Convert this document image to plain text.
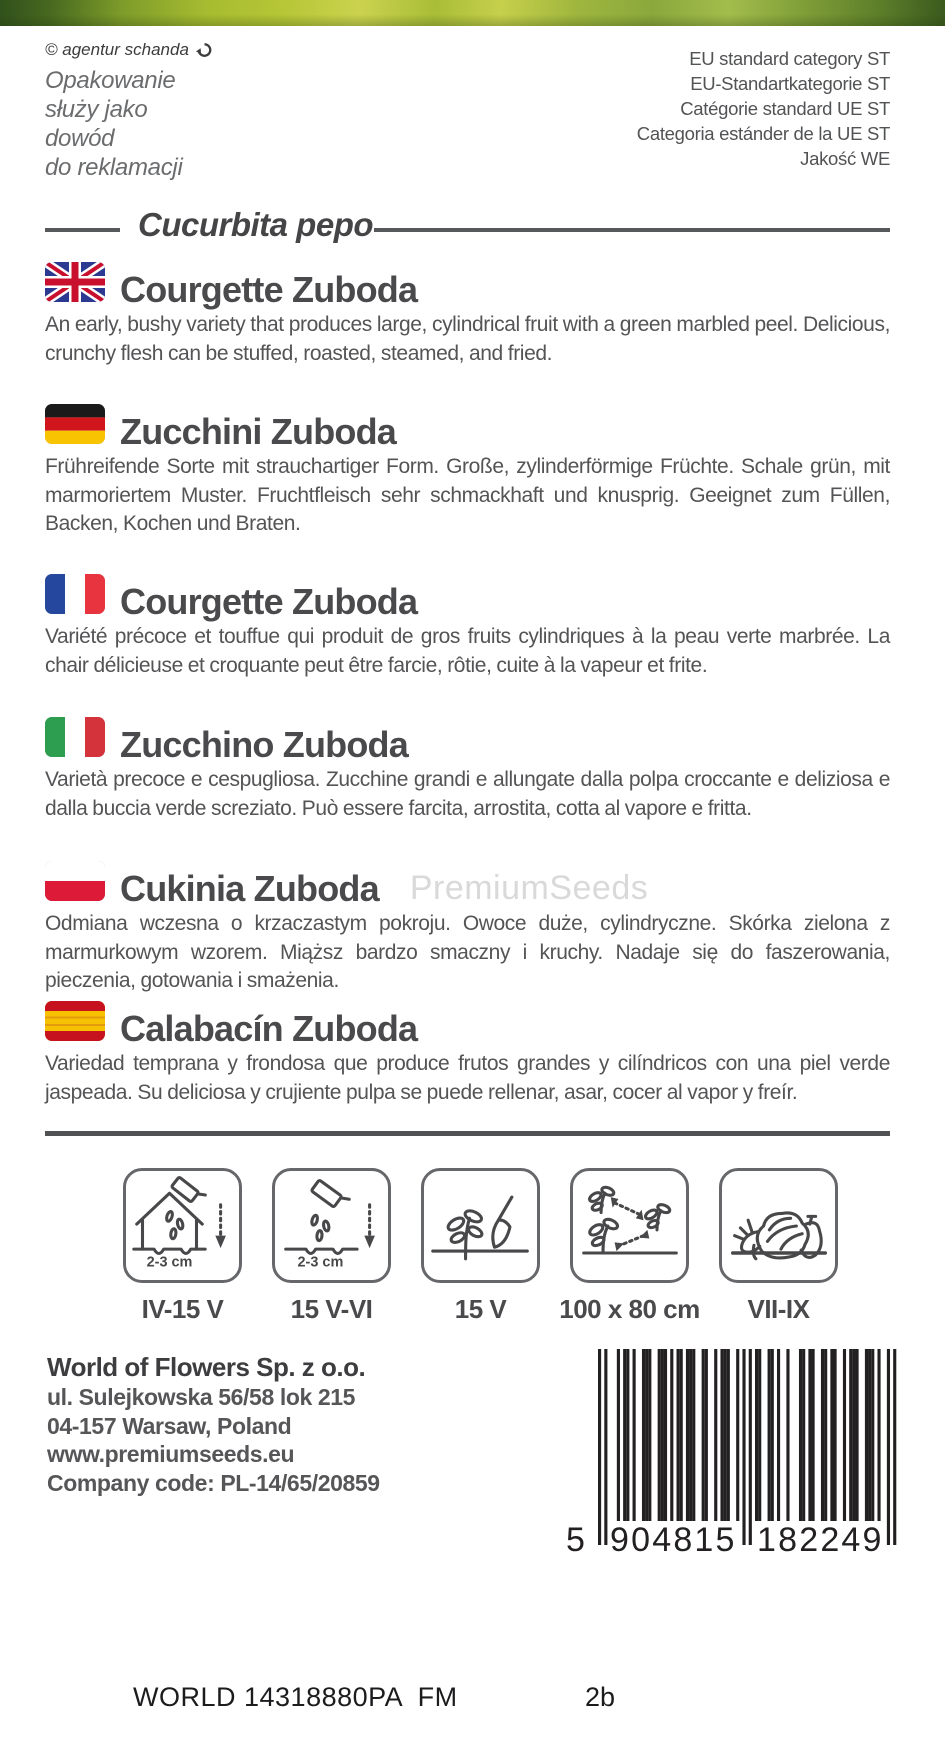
© agentur schanda
Opakowanie
służy jako
dowód
do reklamacji
EU standard category ST
EU-Standartkategorie ST
Catégorie standard UE ST
Categoria estánder de la UE ST
Jakość WE
Cucurbita pepo
Courgette Zuboda

An early, bushy variety that produces large, cylindrical fruit with a green marbled peel. Delicious, crunchy flesh can be stuffed, roasted, steamed, and fried.

Zucchini Zuboda

Frühreifende Sorte mit strauchartiger Form. Große, zylinderförmige Früchte. Schale grün, mit marmoriertem Muster. Fruchtfleisch sehr schmackhaft und knusprig. Geeignet zum Füllen, Backen, Kochen und Braten.

Courgette Zuboda

Variété précoce et touffue qui produit de gros fruits cylindriques à la peau verte marbrée. La chair délicieuse et croquante peut être farcie, rôtie, cuite à la vapeur et frite.

Zucchino Zuboda

Varietà precoce e cespugliosa. Zucchine grandi e allungate dalla polpa croccante e deliziosa e dalla buccia verde screziato. Può essere farcita, arrostita, cotta al vapore e fritta.

Cukinia Zuboda PremiumSeeds

Odmiana wczesna o krzaczastym pokroju. Owoce duże, cylindryczne. Skórka zielona z marmurkowym wzorem. Miąższ bardzo smaczny i kruchy. Nadaje się do faszerowania, pieczenia, gotowania i smażenia.

Calabacín Zuboda

Variedad temprana y frondosa que produce frutos grandes y cilíndricos con una piel verde jaspeada. Su deliciosa y crujiente pulpa se puede rellenar, asar, cocer al vapor y freír.

2-3 cm
IV-15 V
2-3 cm
15 V-VI	15 V 100 x 80 cm VII-IX
World of Flowers Sp. z o.o.
ul. Sulejkowska 56/58 lok 215
04-157 Warsaw, Poland
www.premiumseeds.eu
Company code: PL-14/65/20859
5 904815 182249
WORLD 14318880PA  FM	2b
